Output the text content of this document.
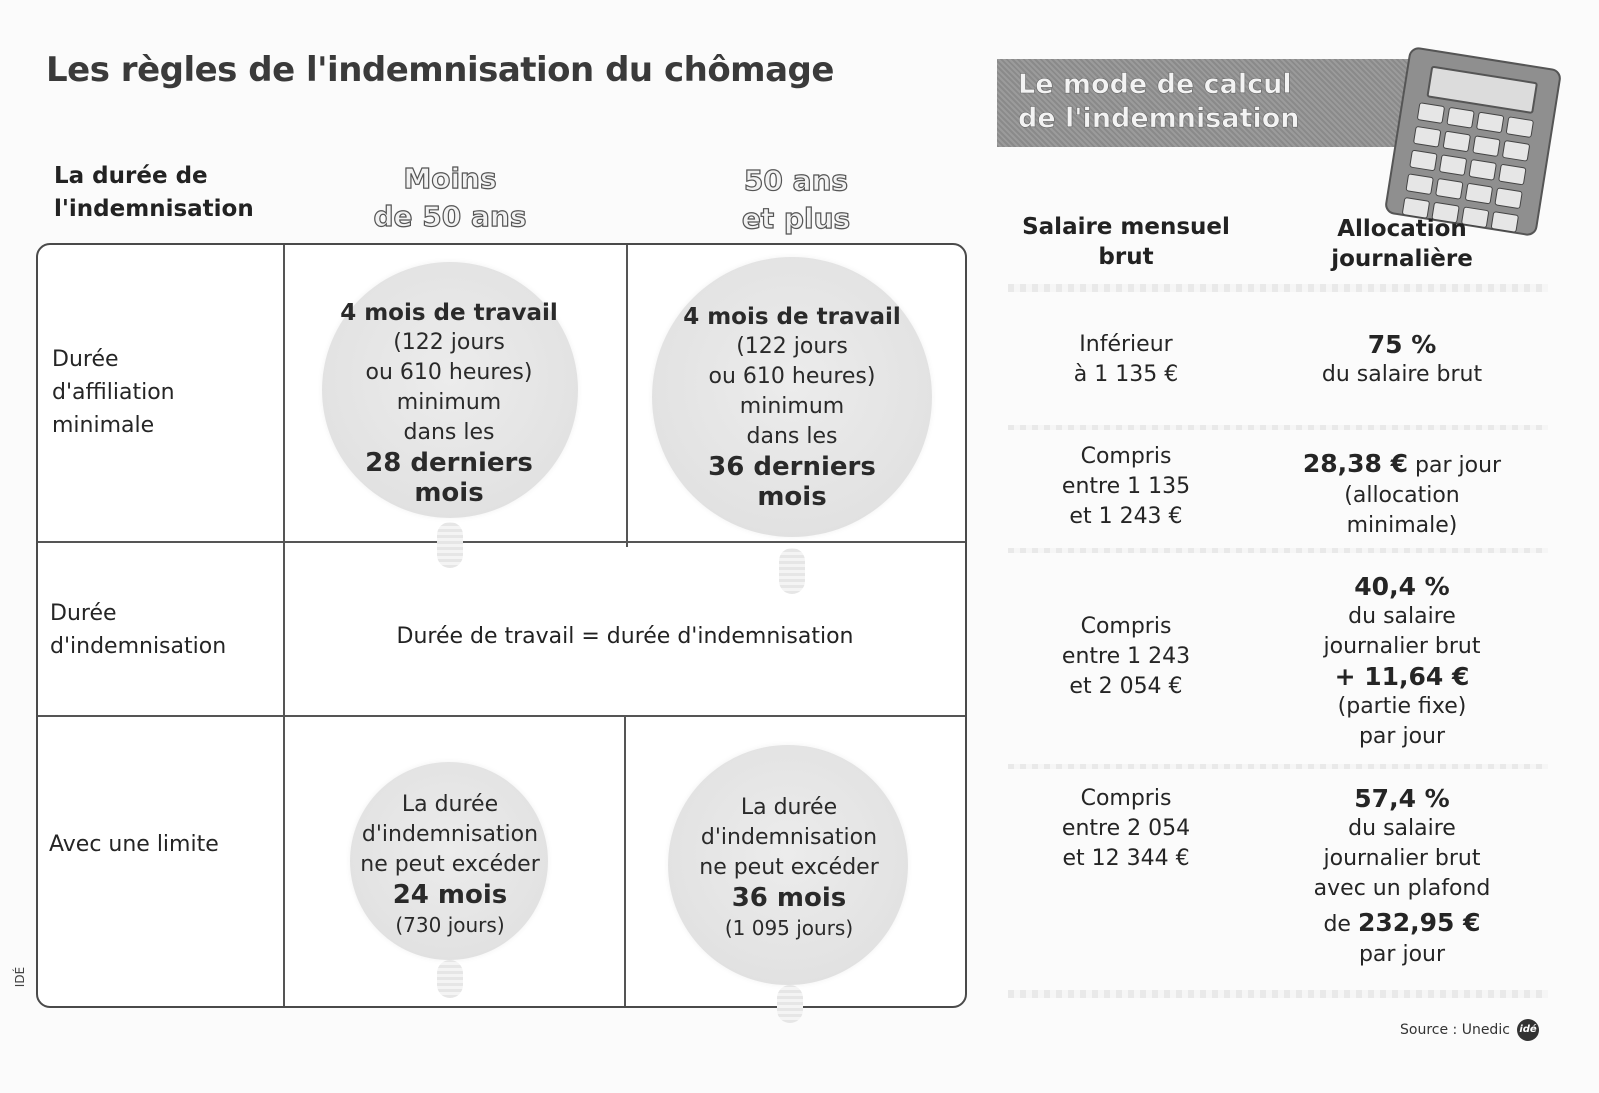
Les règles de l'indemnisation du chômage
La durée de
l'indemnisation
Moins
de 50 ans
50 ans
et plus
Durée
d'affiliation
minimale
Durée
d'indemnisation
Avec une limite
4 mois de travail
(122 jours
ou 610 heures)
minimum
dans les
28 derniers
mois
4 mois de travail
(122 jours
ou 610 heures)
minimum
dans les
36 derniers
mois
Durée de travail = durée d'indemnisation
La durée
d'indemnisation
ne peut excéder
24 mois
(730 jours)
La durée
d'indemnisation
ne peut excéder
36 mois
(1 095 jours)
Le mode de calcul
de l'indemnisation
Salaire mensuel
brut
Allocation
journalière
Inférieur
à 1 135 €
75 %
du salaire brut
Compris
entre 1 135
et 1 243 €
28,38 € par jour
(allocation
minimale)
Compris
entre 1 243
et 2 054 €
40,4 %
du salaire
journalier brut
+ 11,64 €
(partie fixe)
par jour
Compris
entre 2 054
et 12 344 €
57,4 %
du salaire
journalier brut
avec un plafond
de 232,95 €
par jour
Source : Unedic idé
IDÉ
